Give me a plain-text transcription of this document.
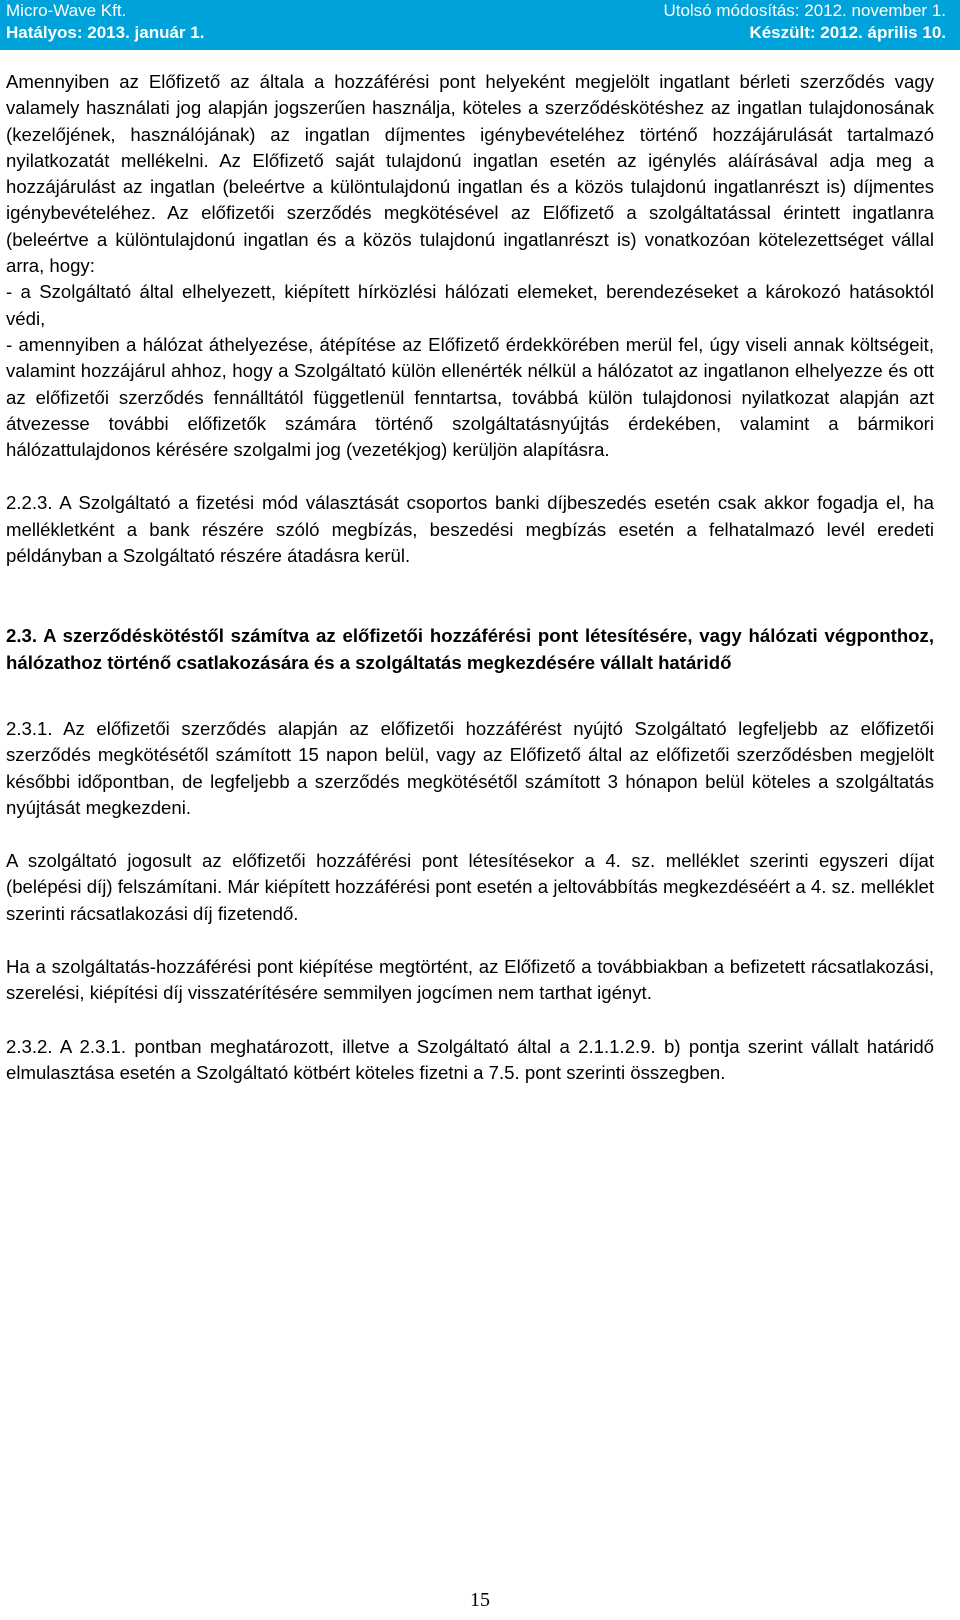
Micro-Wave Kft.	Utolsó módosítás: 2012. november 1.
Hatályos: 2013. január 1.	Készült: 2012. április 10.

Amennyiben az Előfizető az általa a hozzáférési pont helyeként megjelölt ingatlant bérleti szerződés vagy valamely használati jog alapján jogszerűen használja, köteles a szerződéskötéshez az ingatlan tulajdonosának (kezelőjének, használójának) az ingatlan díjmentes igénybevételéhez történő hozzájárulását tartalmazó nyilatkozatát mellékelni. Az Előfizető saját tulajdonú ingatlan esetén az igénylés aláírásával adja meg a hozzájárulást az ingatlan (beleértve a különtulajdonú ingatlan és a közös tulajdonú ingatlanrészt is) díjmentes igénybevételéhez. Az előfizetői szerződés megkötésével az Előfizető a szolgáltatással érintett ingatlanra (beleértve a különtulajdonú ingatlan és a közös tulajdonú ingatlanrészt is) vonatkozóan kötelezettséget vállal arra, hogy:

- a Szolgáltató által elhelyezett, kiépített hírközlési hálózati elemeket, berendezéseket a károkozó hatásoktól védi,

- amennyiben a hálózat áthelyezése, átépítése az Előfizető érdekkörében merül fel, úgy viseli annak költségeit, valamint hozzájárul ahhoz, hogy a Szolgáltató külön ellenérték nélkül a hálózatot az ingatlanon elhelyezze és ott az előfizetői szerződés fennálltától függetlenül fenntartsa, továbbá külön tulajdonosi nyilatkozat alapján azt átvezesse további előfizetők számára történő szolgáltatásnyújtás érdekében, valamint a bármikori hálózattulajdonos kérésére szolgalmi jog (vezetékjog) kerüljön alapításra.

2.2.3. A Szolgáltató a fizetési mód választását csoportos banki díjbeszedés esetén csak akkor fogadja el, ha mellékletként a bank részére szóló megbízás, beszedési megbízás esetén a felhatalmazó levél eredeti példányban a Szolgáltató részére átadásra kerül.

2.3. A szerződéskötéstől számítva az előfizetői hozzáférési pont létesítésére, vagy hálózati végponthoz, hálózathoz történő csatlakozására és a szolgáltatás megkezdésére vállalt határidő

2.3.1. Az előfizetői szerződés alapján az előfizetői hozzáférést nyújtó Szolgáltató legfeljebb az előfizetői szerződés megkötésétől számított 15 napon belül, vagy az Előfizető által az előfizetői szerződésben megjelölt későbbi időpontban, de legfeljebb a szerződés megkötésétől számított 3 hónapon belül köteles a szolgáltatás nyújtását megkezdeni.

A szolgáltató jogosult az előfizetői hozzáférési pont létesítésekor a 4. sz. melléklet szerinti egyszeri díjat (belépési díj) felszámítani. Már kiépített hozzáférési pont esetén a jeltovábbítás megkezdéséért a 4. sz. melléklet szerinti rácsatlakozási díj fizetendő.

Ha a szolgáltatás-hozzáférési pont kiépítése megtörtént, az Előfizető a továbbiakban a befizetett rácsatlakozási, szerelési, kiépítési díj visszatérítésére semmilyen jogcímen nem tarthat igényt.

2.3.2. A 2.3.1. pontban meghatározott, illetve a Szolgáltató által a 2.1.1.2.9. b) pontja szerint vállalt határidő elmulasztása esetén a Szolgáltató kötbért köteles fizetni a 7.5. pont szerinti összegben.

15
